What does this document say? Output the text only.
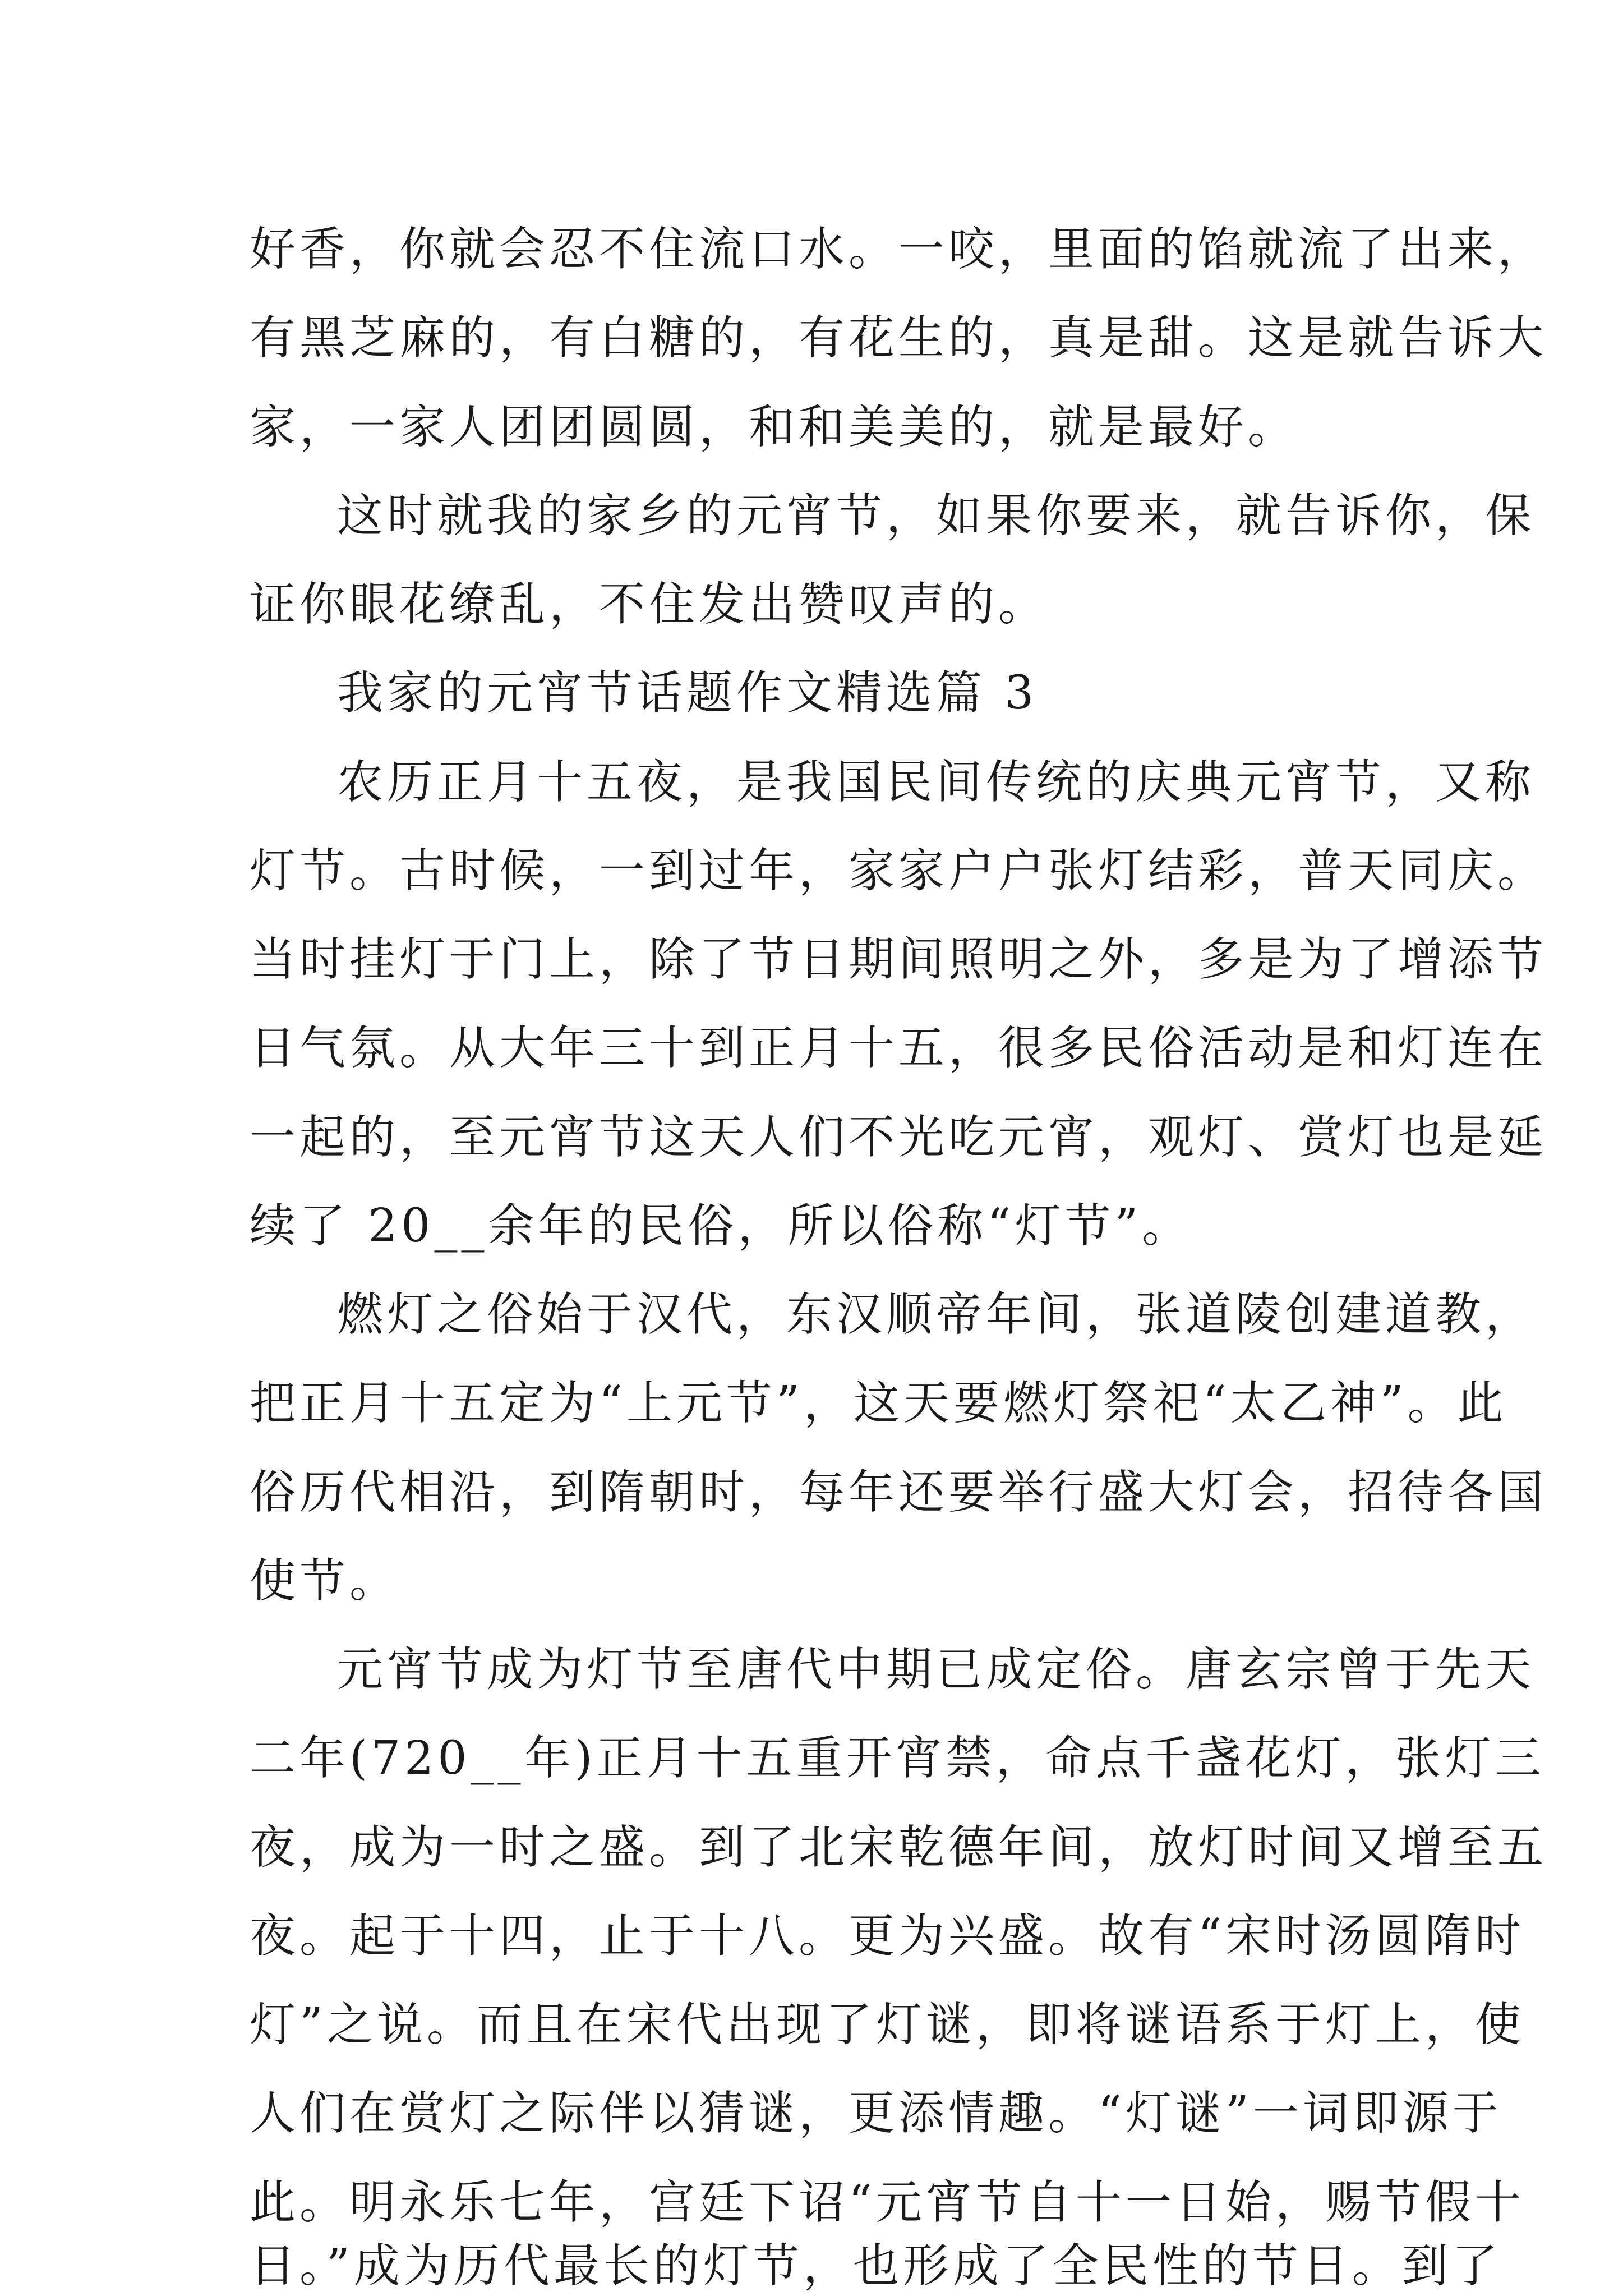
好香，你就会忍不住流口水。一咬，里面的馅就流了出来，
有黑芝麻的，有白糖的，有花生的，真是甜。这是就告诉大
家，一家人团团圆圆，和和美美的，就是最好。
这时就我的家乡的元宵节，如果你要来，就告诉你，保
证你眼花缭乱，不住发出赞叹声的。
我家的元宵节话题作文精选篇 3
农历正月十五夜，是我国民间传统的庆典元宵节，又称
灯节。古时候，一到过年，家家户户张灯结彩，普天同庆。
当时挂灯于门上，除了节日期间照明之外，多是为了增添节
日气氛。从大年三十到正月十五，很多民俗活动是和灯连在
一起的，至元宵节这天人们不光吃元宵，观灯、赏灯也是延
续了 20__余年的民俗，所以俗称“灯节”。
燃灯之俗始于汉代，东汉顺帝年间，张道陵创建道教，
把正月十五定为“上元节”，这天要燃灯祭祀“太乙神”。此
俗历代相沿，到隋朝时，每年还要举行盛大灯会，招待各国
使节。
元宵节成为灯节至唐代中期已成定俗。唐玄宗曾于先天
二年(720__年)正月十五重开宵禁，命点千盏花灯，张灯三
夜，成为一时之盛。到了北宋乾德年间，放灯时间又增至五
夜。起于十四，止于十八。更为兴盛。故有“宋时汤圆隋时
灯”之说。而且在宋代出现了灯谜，即将谜语系于灯上，使
人们在赏灯之际伴以猜谜，更添情趣。“灯谜”一词即源于
此。明永乐七年，宫廷下诏“元宵节自十一日始，赐节假十
日。”成为历代最长的灯节，也形成了全民性的节日。到了
